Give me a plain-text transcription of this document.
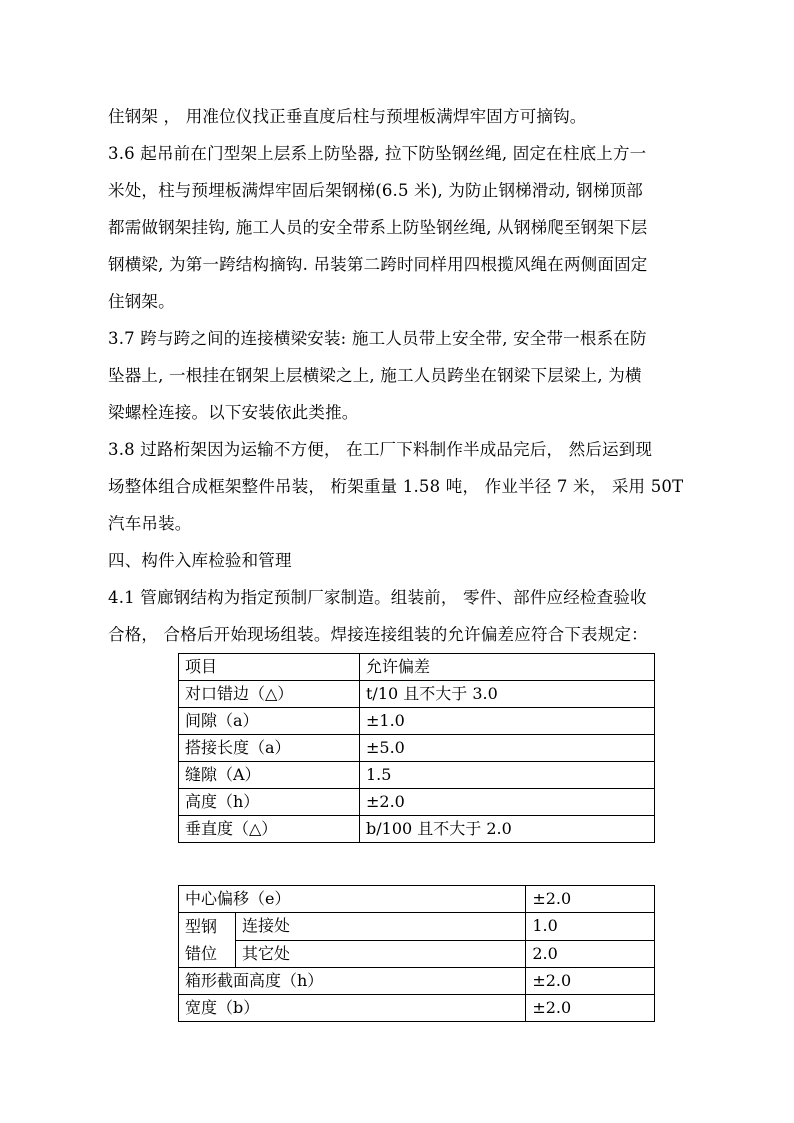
住钢架 ， 用准位仪找正垂直度后柱与预埋板满焊牢固方可摘钩。
3.6 起吊前在门型架上层系上防坠器, 拉下防坠钢丝绳, 固定在柱底上方一
米处，柱与预埋板满焊牢固后架钢梯(6.5 米), 为防止钢梯滑动, 钢梯顶部
都需做钢架挂钩, 施工人员的安全带系上防坠钢丝绳, 从钢梯爬至钢架下层
钢横梁, 为第一跨结构摘钩. 吊装第二跨时同样用四根揽风绳在两侧面固定
住钢架。
3.7 跨与跨之间的连接横梁安装: 施工人员带上安全带, 安全带一根系在防
坠器上, 一根挂在钢架上层横梁之上, 施工人员跨坐在钢梁下层梁上, 为横
梁螺栓连接。以下安装依此类推。
3.8 过路桁架因为运输不方便， 在工厂下料制作半成品完后， 然后运到现
场整体组合成框架整件吊装， 桁架重量 1.58 吨， 作业半径 7 米， 采用 50T
汽车吊装。
四、构件入库检验和管理
4.1 管廊钢结构为指定预制厂家制造。组装前， 零件、部件应经检查验收
合格， 合格后开始现场组装。焊接连接组装的允许偏差应符合下表规定：
项目	允许偏差
对口错边（△）	t/10 且不大于 3.0
间隙（a）	±1.0
搭接长度（a）	±5.0
缝隙（A）	1.5
高度（h）	±2.0
垂直度（△）	b/100 且不大于 2.0
中心偏移（e）		±2.0
型钢
错位	连接处	1.0
	其它处	2.0
箱形截面高度（h）		±2.0
宽度（b）		±2.0
